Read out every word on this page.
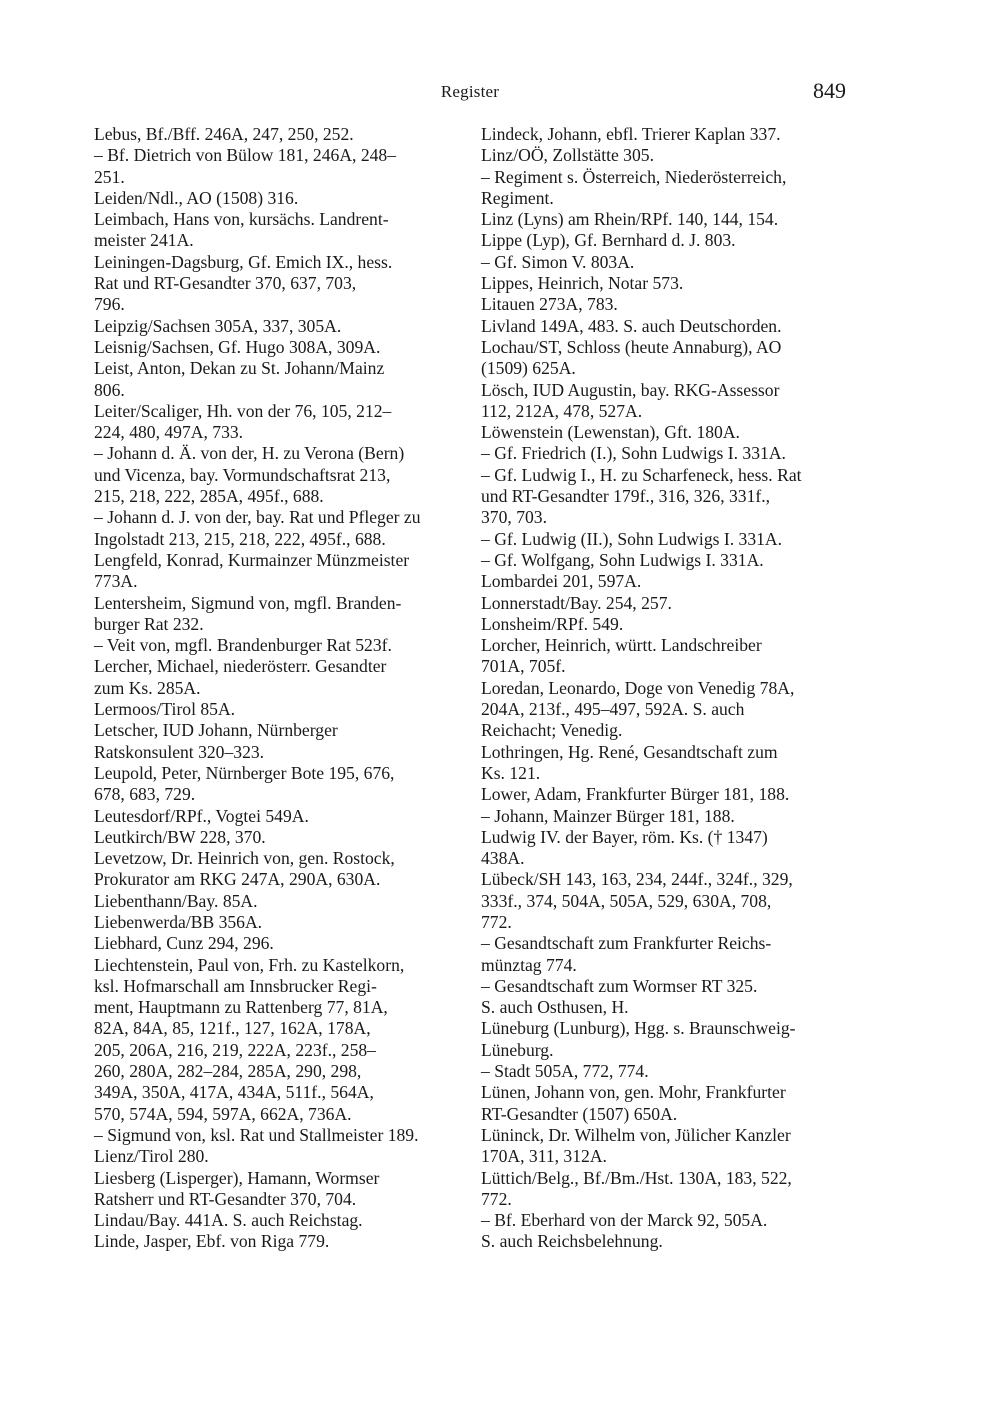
Register	849
Lebus, Bf./Bff. 246A, 247, 250, 252.
– Bf. Dietrich von Bülow 181, 246A, 248–
251.
Leiden/Ndl., AO (1508) 316.
Leimbach, Hans von, kursächs. Landrent-
meister 241A.
Leiningen-Dagsburg, Gf. Emich IX., hess.
Rat und RT-Gesandter 370, 637, 703,
796.
Leipzig/Sachsen 305A, 337, 305A.
Leisnig/Sachsen, Gf. Hugo 308A, 309A.
Leist, Anton, Dekan zu St. Johann/Mainz
806.
Leiter/Scaliger, Hh. von der 76, 105, 212–
224, 480, 497A, 733.
– Johann d. Ä. von der, H. zu Verona (Bern)
und Vicenza, bay. Vormundschaftsrat 213,
215, 218, 222, 285A, 495f., 688.
– Johann d. J. von der, bay. Rat und Pfleger zu
Ingolstadt 213, 215, 218, 222, 495f., 688.
Lengfeld, Konrad, Kurmainzer Münzmeister
773A.
Lentersheim, Sigmund von, mgfl. Branden-
burger Rat 232.
– Veit von, mgfl. Brandenburger Rat 523f.
Lercher, Michael, niederösterr. Gesandter
zum Ks. 285A.
Lermoos/Tirol 85A.
Letscher, IUD Johann, Nürnberger
Ratskonsulent 320–323.
Leupold, Peter, Nürnberger Bote 195, 676,
678, 683, 729.
Leutesdorf/RPf., Vogtei 549A.
Leutkirch/BW 228, 370.
Levetzow, Dr. Heinrich von, gen. Rostock,
Prokurator am RKG 247A, 290A, 630A.
Liebenthann/Bay. 85A.
Liebenwerda/BB 356A.
Liebhard, Cunz 294, 296.
Liechtenstein, Paul von, Frh. zu Kastelkorn,
ksl. Hofmarschall am Innsbrucker Regi-
ment, Hauptmann zu Rattenberg 77, 81A,
82A, 84A, 85, 121f., 127, 162A, 178A,
205, 206A, 216, 219, 222A, 223f., 258–
260, 280A, 282–284, 285A, 290, 298,
349A, 350A, 417A, 434A, 511f., 564A,
570, 574A, 594, 597A, 662A, 736A.
– Sigmund von, ksl. Rat und Stallmeister 189.
Lienz/Tirol 280.
Liesberg (Lisperger), Hamann, Wormser
Ratsherr und RT-Gesandter 370, 704.
Lindau/Bay. 441A. S. auch Reichstag.
Linde, Jasper, Ebf. von Riga 779.
Lindeck, Johann, ebfl. Trierer Kaplan 337.
Linz/OÖ, Zollstätte 305.
– Regiment s. Österreich, Niederösterreich,
Regiment.
Linz (Lyns) am Rhein/RPf. 140, 144, 154.
Lippe (Lyp), Gf. Bernhard d. J. 803.
– Gf. Simon V. 803A.
Lippes, Heinrich, Notar 573.
Litauen 273A, 783.
Livland 149A, 483. S. auch Deutschorden.
Lochau/ST, Schloss (heute Annaburg), AO
(1509) 625A.
Lösch, IUD Augustin, bay. RKG-Assessor
112, 212A, 478, 527A.
Löwenstein (Lewenstan), Gft. 180A.
– Gf. Friedrich (I.), Sohn Ludwigs I. 331A.
– Gf. Ludwig I., H. zu Scharfeneck, hess. Rat
und RT-Gesandter 179f., 316, 326, 331f.,
370, 703.
– Gf. Ludwig (II.), Sohn Ludwigs I. 331A.
– Gf. Wolfgang, Sohn Ludwigs I. 331A.
Lombardei 201, 597A.
Lonnerstadt/Bay. 254, 257.
Lonsheim/RPf. 549.
Lorcher, Heinrich, württ. Landschreiber
701A, 705f.
Loredan, Leonardo, Doge von Venedig 78A,
204A, 213f., 495–497, 592A. S. auch
Reichacht; Venedig.
Lothringen, Hg. René, Gesandtschaft zum
Ks. 121.
Lower, Adam, Frankfurter Bürger 181, 188.
– Johann, Mainzer Bürger 181, 188.
Ludwig IV. der Bayer, röm. Ks. († 1347)
438A.
Lübeck/SH 143, 163, 234, 244f., 324f., 329,
333f., 374, 504A, 505A, 529, 630A, 708,
772.
– Gesandtschaft zum Frankfurter Reichs-
münztag 774.
– Gesandtschaft zum Wormser RT 325.
S. auch Osthusen, H.
Lüneburg (Lunburg), Hgg. s. Braunschweig-
Lüneburg.
– Stadt 505A, 772, 774.
Lünen, Johann von, gen. Mohr, Frankfurter
RT-Gesandter (1507) 650A.
Lüninck, Dr. Wilhelm von, Jülicher Kanzler
170A, 311, 312A.
Lüttich/Belg., Bf./Bm./Hst. 130A, 183, 522,
772.
– Bf. Eberhard von der Marck 92, 505A.
S. auch Reichsbelehnung.
